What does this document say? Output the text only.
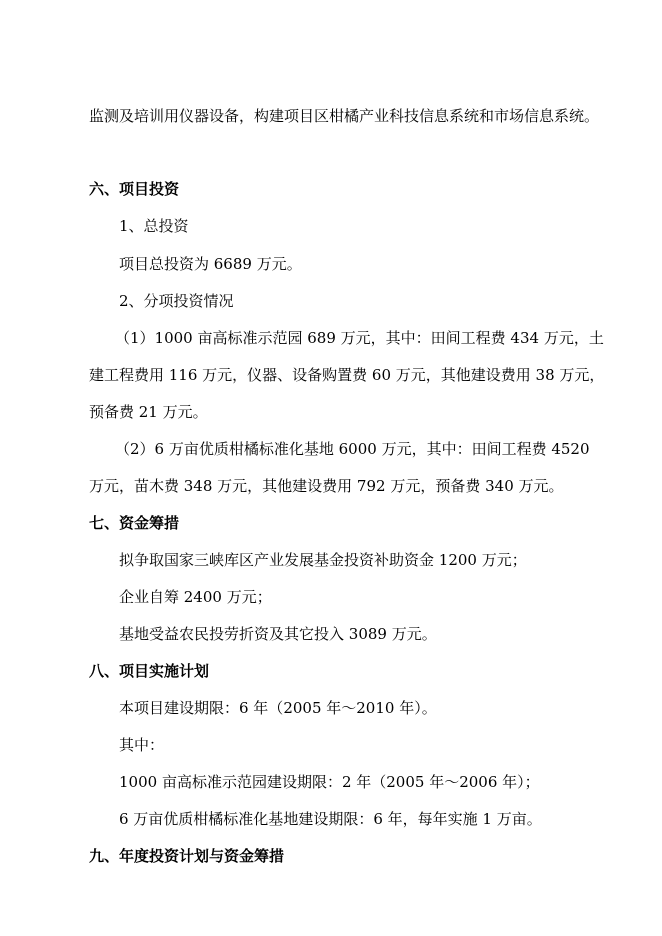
监测及培训用仪器设备，构建项目区柑橘产业科技信息系统和市场信息系统。
六、项目投资
1、总投资
项目总投资为 6689 万元。
2、分项投资情况
（1）1000 亩高标准示范园 689 万元，其中：田间工程费 434 万元，土
建工程费用 116 万元，仪器、设备购置费 60 万元，其他建设费用 38 万元，
预备费 21 万元。
（2）6 万亩优质柑橘标准化基地 6000 万元，其中：田间工程费 4520
万元，苗木费 348 万元，其他建设费用 792 万元，预备费 340 万元。
七、资金筹措
拟争取国家三峡库区产业发展基金投资补助资金 1200 万元；
企业自筹 2400 万元；
基地受益农民投劳折资及其它投入 3089 万元。
八、项目实施计划
本项目建设期限：6 年（2005 年～2010 年）。
其中：
1000 亩高标准示范园建设期限：2 年（2005 年～2006 年）；
6 万亩优质柑橘标准化基地建设期限：6 年，每年实施 1 万亩。
九、年度投资计划与资金筹措
